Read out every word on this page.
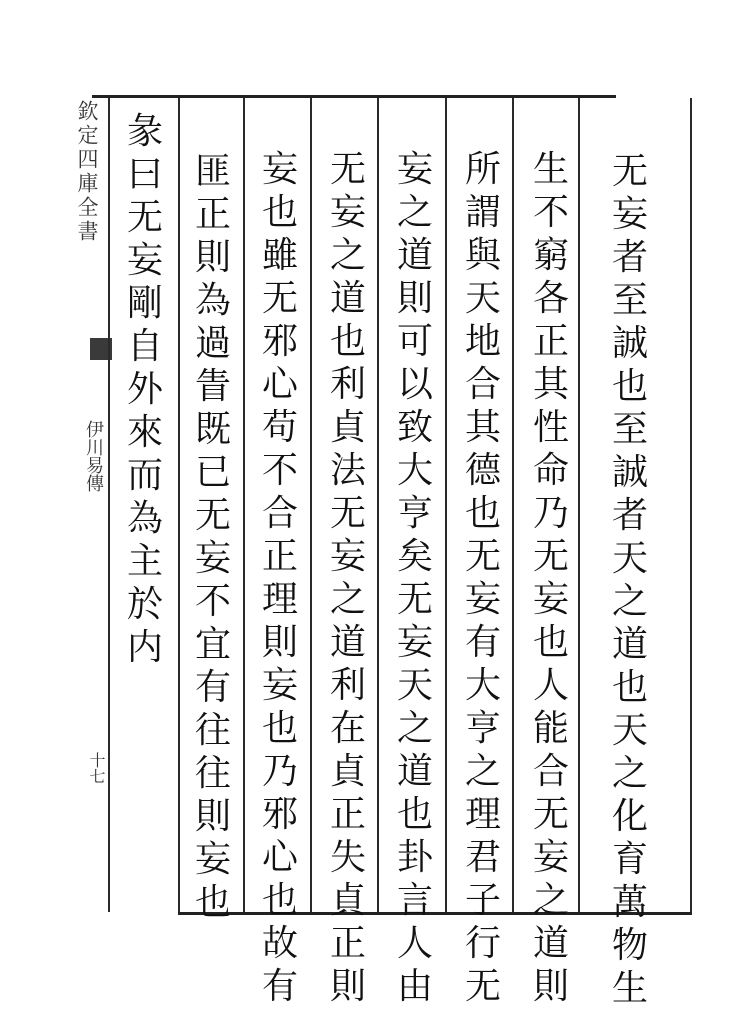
欽定四庫全書
伊川易傳
十七
无
妄
者
至
誠
也
至
誠
者
天
之
道
也
天
之
化
育
萬
物
生
生
不
窮
各
正
其
性
命
乃
无
妄
也
人
能
合
无
妄
之
道
則
所
謂
與
天
地
合
其
德
也
无
妄
有
大
亨
之
理
君
子
行
无
妄
之
道
則
可
以
致
大
亨
矣
无
妄
天
之
道
也
卦
言
人
由
无
妄
之
道
也
利
貞
法
无
妄
之
道
利
在
貞
正
失
貞
正
則
妄
也
雖
无
邪
心
苟
不
合
正
理
則
妄
也
乃
邪
心
也
故
有
匪
正
則
為
過
眚
既
已
无
妄
不
宜
有
往
往
則
妄
也
彖
曰
无
妄
剛
自
外
來
而
為
主
於
内
